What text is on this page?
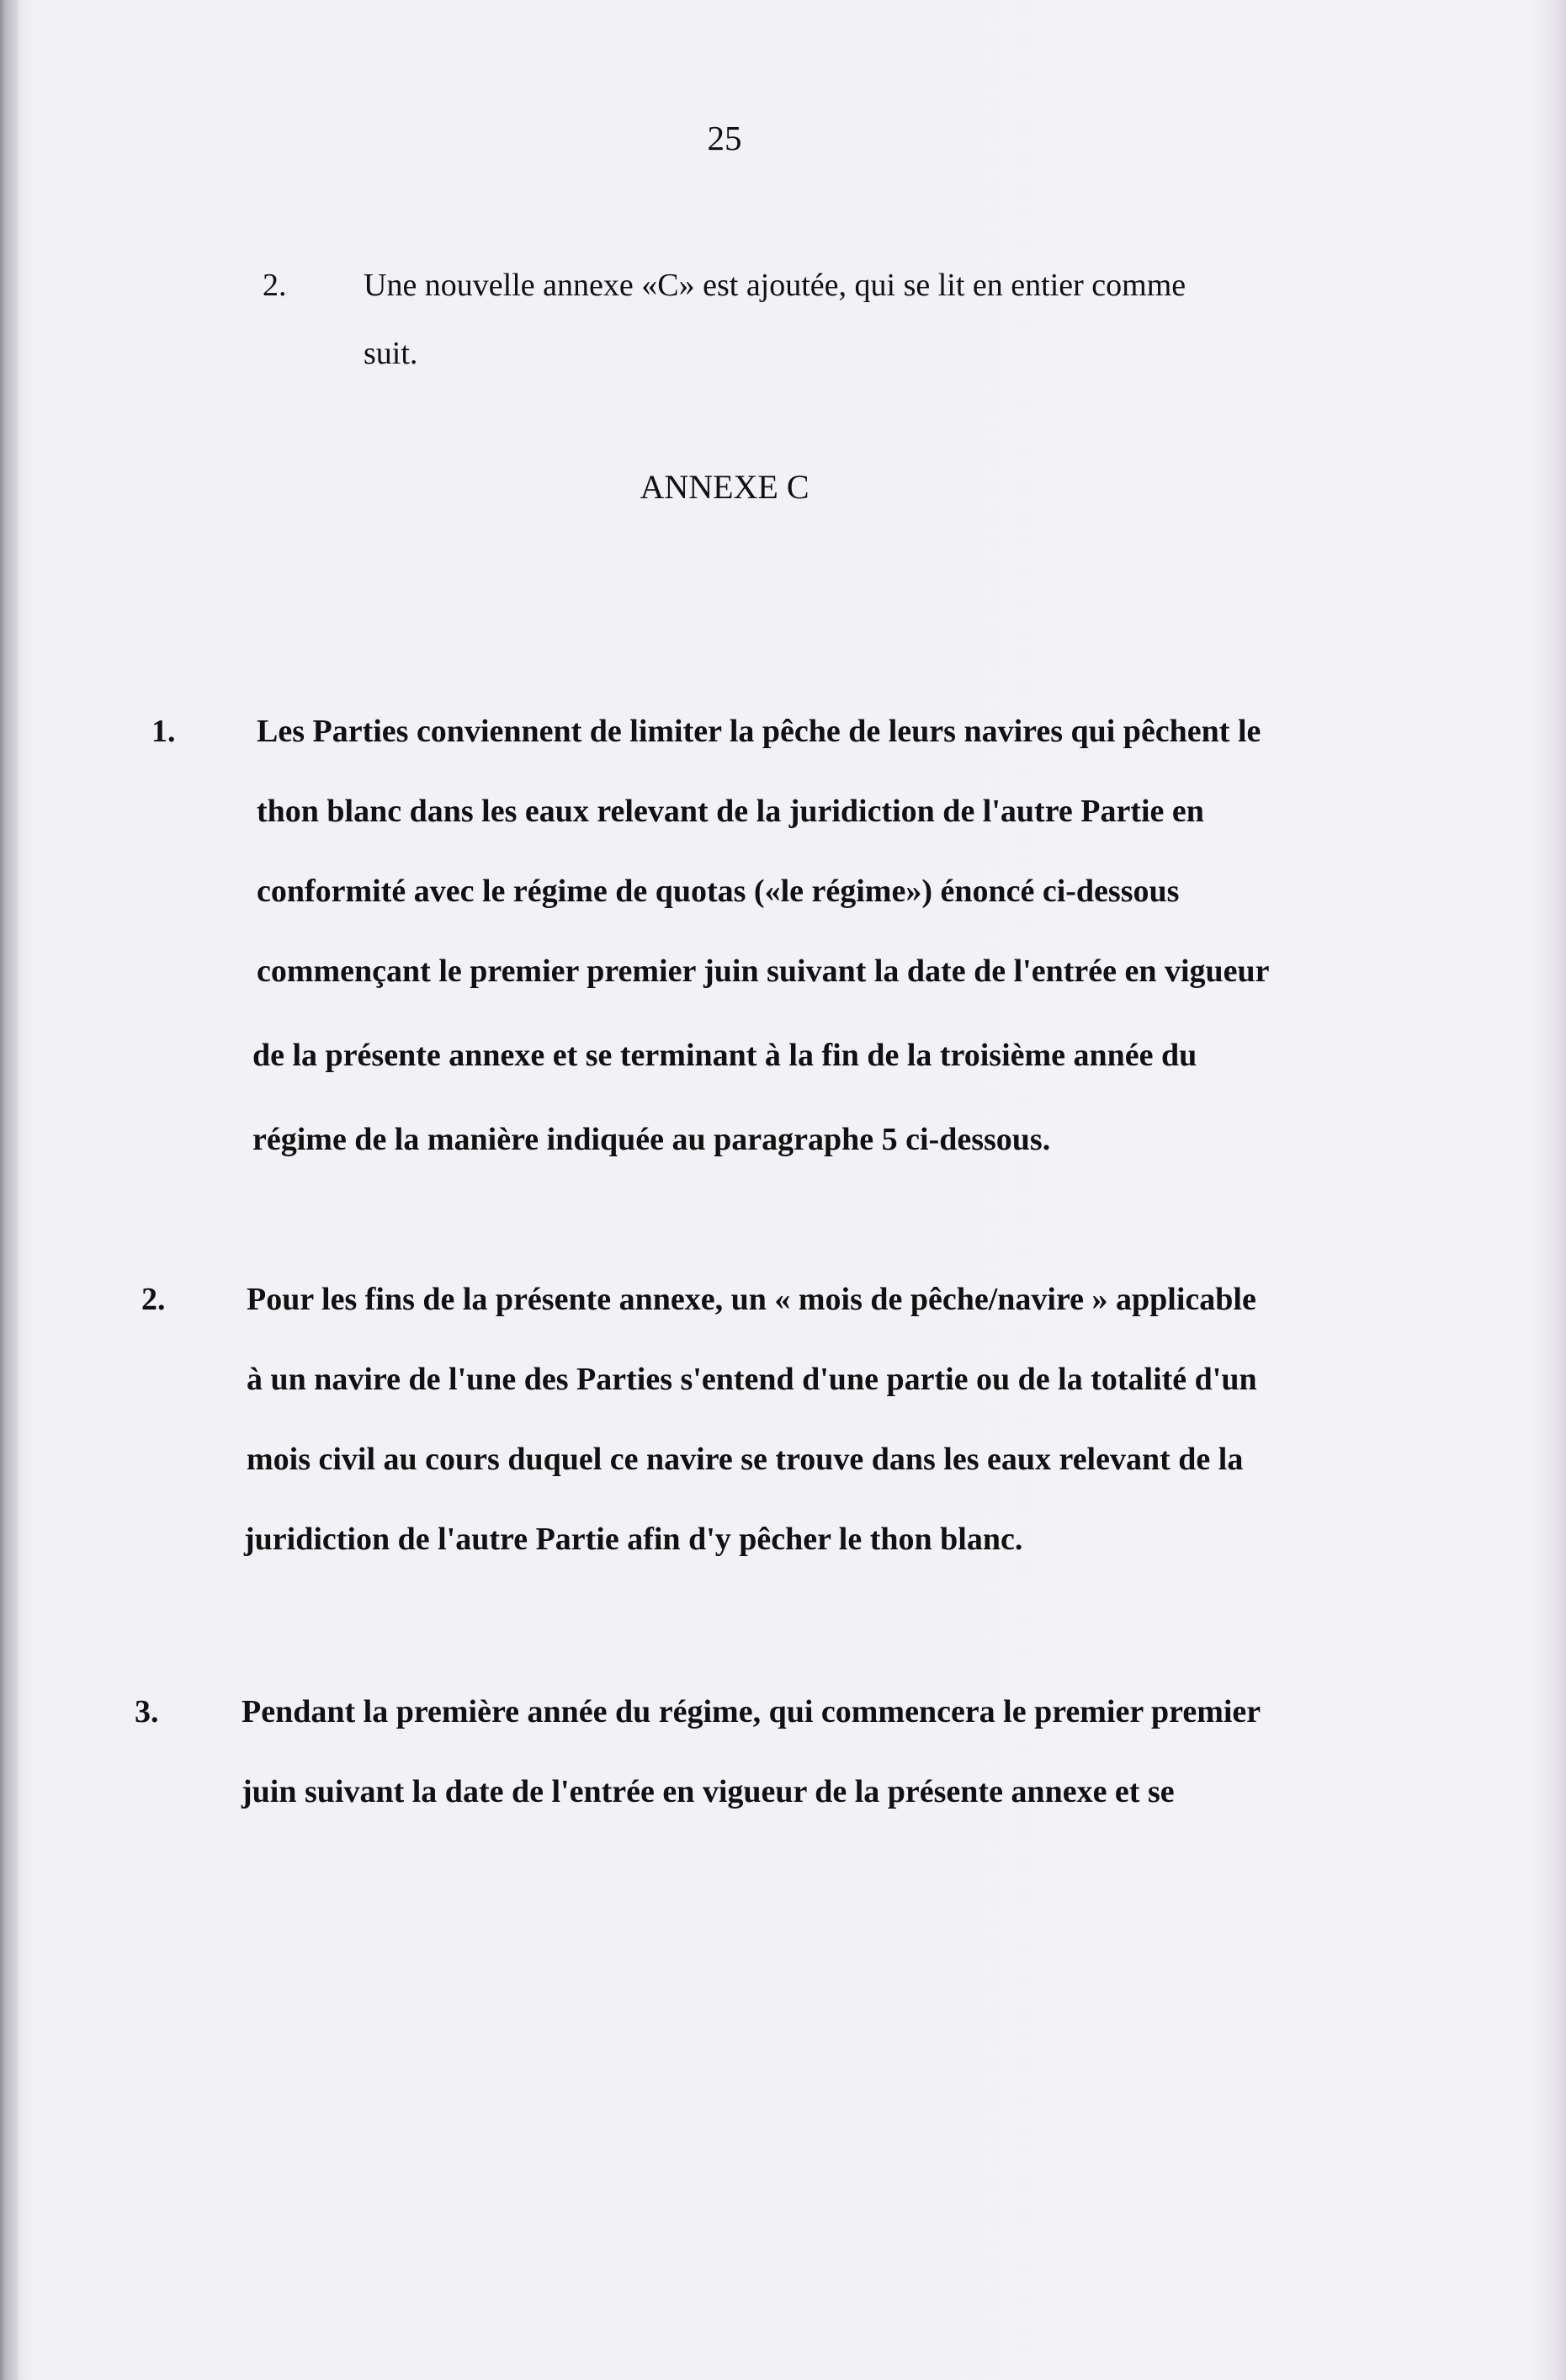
25
2. Une nouvelle annexe «C» est ajoutée, qui se lit en entier comme
suit.
ANNEXE C
1.	Les Parties conviennent de limiter la pêche de leurs navires qui pêchent le
thon blanc dans les eaux relevant de la juridiction de l'autre Partie en
conformité avec le régime de quotas («le régime») énoncé ci-dessous
commençant le premier premier juin suivant la date de l'entrée en vigueur
de la présente annexe et se terminant à la fin de la troisième année du
régime de la manière indiquée au paragraphe 5 ci-dessous.
2.	Pour les fins de la présente annexe, un « mois de pêche/navire » applicable
à un navire de l'une des Parties s'entend d'une partie ou de la totalité d'un
mois civil au cours duquel ce navire se trouve dans les eaux relevant de la
juridiction de l'autre Partie afin d'y pêcher le thon blanc.
3.	Pendant la première année du régime, qui commencera le premier premier
juin suivant la date de l'entrée en vigueur de la présente annexe et se
